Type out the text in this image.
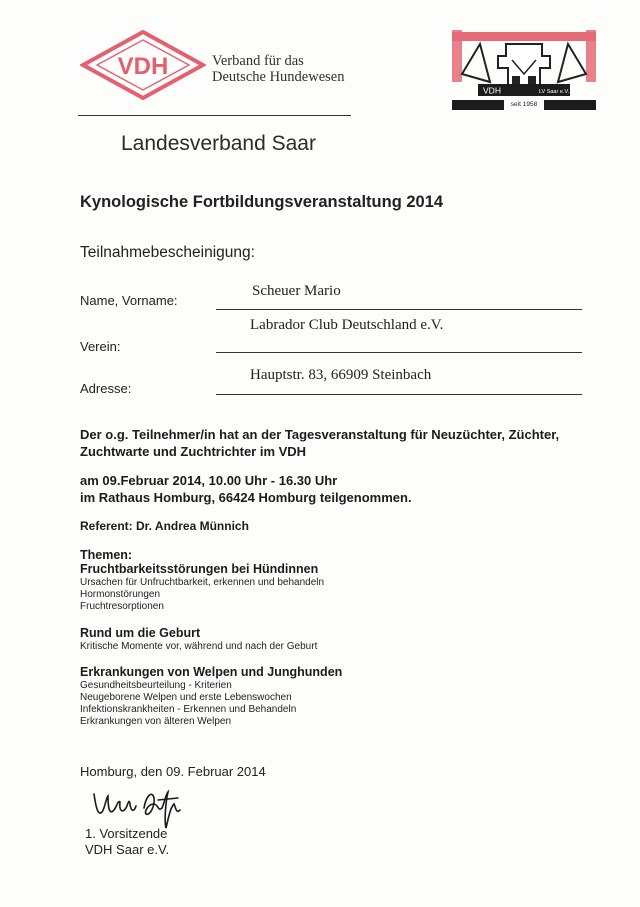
VDH	Verband für das
Deutsche Hundewesen
Landesverband Saar
VDH	LV Saar e.V.
seit 1958
Kynologische Fortbildungsveranstaltung 2014
Teilnahmebescheinigung:
Name, Vorname:
Scheuer Mario
Verein:
Labrador Club Deutschland e.V.
Adresse:
Hauptstr. 83, 66909 Steinbach
Der o.g. Teilnehmer/in hat an der Tagesveranstaltung für Neuzüchter, Züchter,
Zuchtwarte und Zuchtrichter im VDH
am 09.Februar 2014, 10.00 Uhr - 16.30 Uhr
im Rathaus Homburg, 66424 Homburg teilgenommen.
Referent: Dr. Andrea Münnich
Themen:
Fruchtbarkeitsstörungen bei Hündinnen
Ursachen für Unfruchtbarkeit, erkennen und behandeln
Hormonstörungen
Fruchtresorptionen
Rund um die Geburt
Kritische Momente vor, während und nach der Geburt
Erkrankungen von Welpen und Junghunden
Gesundheitsbeurteilung - Kriterien
Neugeborene Welpen und erste Lebenswochen
Infektionskrankheiten - Erkennen und Behandeln
Erkrankungen von älteren Welpen
Homburg, den 09. Februar 2014
1. Vorsitzende
VDH Saar e.V.
